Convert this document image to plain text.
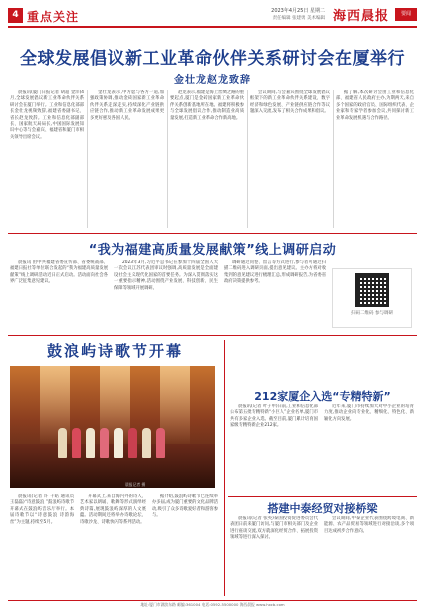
4 重点关注	2023年4月25日 星期二
责任编辑 张建勇 美术编辑 海西晨报	要闻
全球发展倡议新工业革命伙伴关系研讨会在厦举行
金壮龙赵龙致辞

晨报讯(厦门日报记者 胡超 金洋)4月,全球发展倡议新工业革命伙伴关系研讨会在厦门举行。工业和信息化部部长金壮龙视频致辞,福建省委副书记、省长赵龙致辞。工业和信息化部副部长、国家航天局局长,中国国际发展知识中心等与会嘉宾、福建省和厦门市相关领导出席会议。

金壮龙表示,中方愿与各方一道,加强政策协调,推动金砖国家新工业革命伙伴关系走深走实,持续深化产业链供应链合作,推动新工业革命发展成果更多更好惠及各国人民。

赵龙表示,福建是海上丝绸之路的重要起点,厦门是金砖国家新工业革命伙伴关系创新基地所在地。福建将积极参与全球发展倡议合作,推动制造业高质量发展,打造新工业革命合作新高地。

会议期间,与会嘉宾围绕全球发展倡议框架下的新工业革命伙伴关系建设、数字经济和绿色发展、产业链供应链合作等议题深入交流,发布了相关合作成果和倡议。

据了解,本次研讨会由工业和信息化部、福建省人民政府主办,为期两天,来自多个国家的政府官员、国际组织代表、企业家和专家学者参加会议,共同探讨新工业革命发展机遇与合作路径。

“我为福建高质量发展献策”线上调研启动

晨报讯 由中共福建省委宣传部、省委统战部、福建日报社等单位联合发起的“我为福建高质量发展献策”线上调研活动近日正式启动。活动面向社会各界广泛征集意见建议。

2023年3月,习近平总书记在参加十四届全国人大一次会议江苏代表团审议时强调,高质量发展是全面建设社会主义现代化国家的首要任务。为深入贯彻落实这一重要指示精神,活动围绕产业发展、科技创新、民生保障等领域开展调研。

调研通过问卷、留言等方式进行,参与者可通过扫描二维码进入调研页面,提出意见建议。主办方将对收集到的意见建议进行梳理汇总,形成调研报告,为省委省政府决策提供参考。

扫码二维码 参与调研
鼓浪屿诗歌节开幕
晨报记者 摄

晨报讯(记者 许 千皓 通讯员 王磊磊)“诗意鼓浪 ”鼓浪屿诗歌节开幕式在鼓浪屿音乐厅举行。本届诗歌节以“诗意鼓浪 诗韵海丝”为主题,持续至5月。

开幕式上,来自海内外的诗人、艺术家以朗诵、歌舞等形式演绎经典诗篇,展现鼓浪屿深厚的人文底蕴。活动期间还将举办诗歌论坛、诗歌沙龙、诗歌快闪等系列活动。

据介绍,鼓浪屿诗歌节已连续举办多届,成为厦门重要的文化品牌活动,吸引了众多诗歌爱好者和游客参与。

212家厦企入选“专精特新”

晨报讯(记者 叶子申)日前,工业和信息化部公布第五批专精特新“小巨人”企业名单,厦门市共有多家企业入选。截至目前,厦门累计培育国家级专精特新企业212家。

近年来,厦门市持续加大对中小企业的培育力度,推动企业向专业化、精细化、特色化、新颖化方向发展。

搭建中泰经贸对接桥梁

晨报讯(记者 张英)泰国投资促进委员会代表团日前来厦门访问,与厦门市相关部门及企业进行座谈交流,双方就深化经贸合作、拓展投资领域等进行深入探讨。

会议期间,中泰企业代表围绕跨境电商、新能源、农产品贸易等领域进行对接洽谈,多个项目达成初步合作意向。

地址:厦门市湖滨东路 邮编:361004 电话:0592-5500000 海西晨报 www.hxcb.com
